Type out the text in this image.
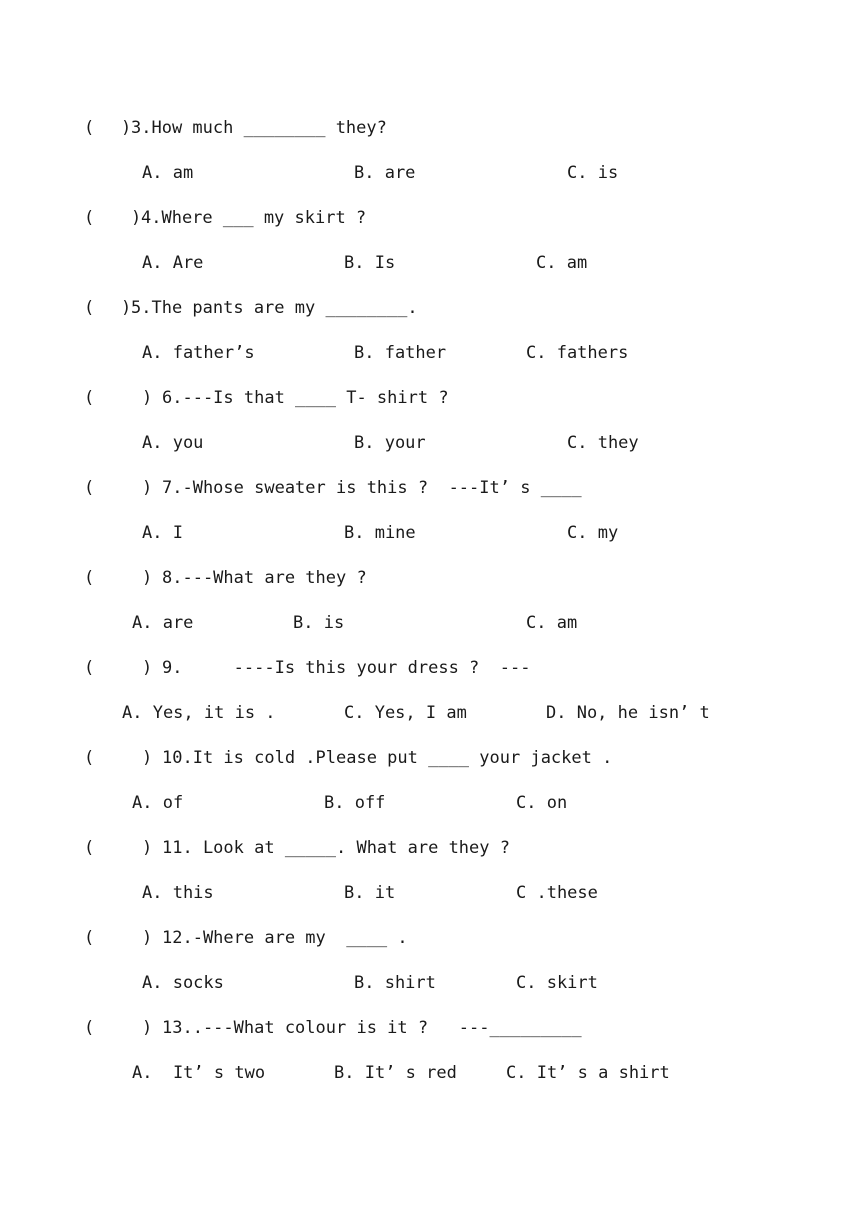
(

)

3.How much ________ they?

A. am

	B. are

	C. is

(

)

4.Where ___ my skirt ?

A. Are

	B. Is

	C. am

(

)

5.The pants are my ________.

A. father’s

	B. father

	C. fathers

(

	)

6.---Is that ____ T- shirt ?

A. you

	B. your

	C. they

(

	)

7.-Whose sweater is this ?  ---It’ s ____

A. I

	B. mine

	C. my

(

	)

8.---What are they ?

A. are

	B. is

	C. am

(

	)

9.     ----Is this your dress ?  ---

A. Yes, it is .

	C. Yes, I am

	D. No, he isn’ t

(

	)

10.It is cold .Please put ____ your jacket .

A. of

	B. off

	C. on

(

	)

11. Look at _____. What are they ?

A. this

	B. it

	C .these

(

	)

12.-Where are my  ____ .

A. socks

	B. shirt

	C. skirt

(

	)

13..---What colour is it ?   ---_________

A.  It’ s two

	B. It’ s red

	C. It’ s a shirt
